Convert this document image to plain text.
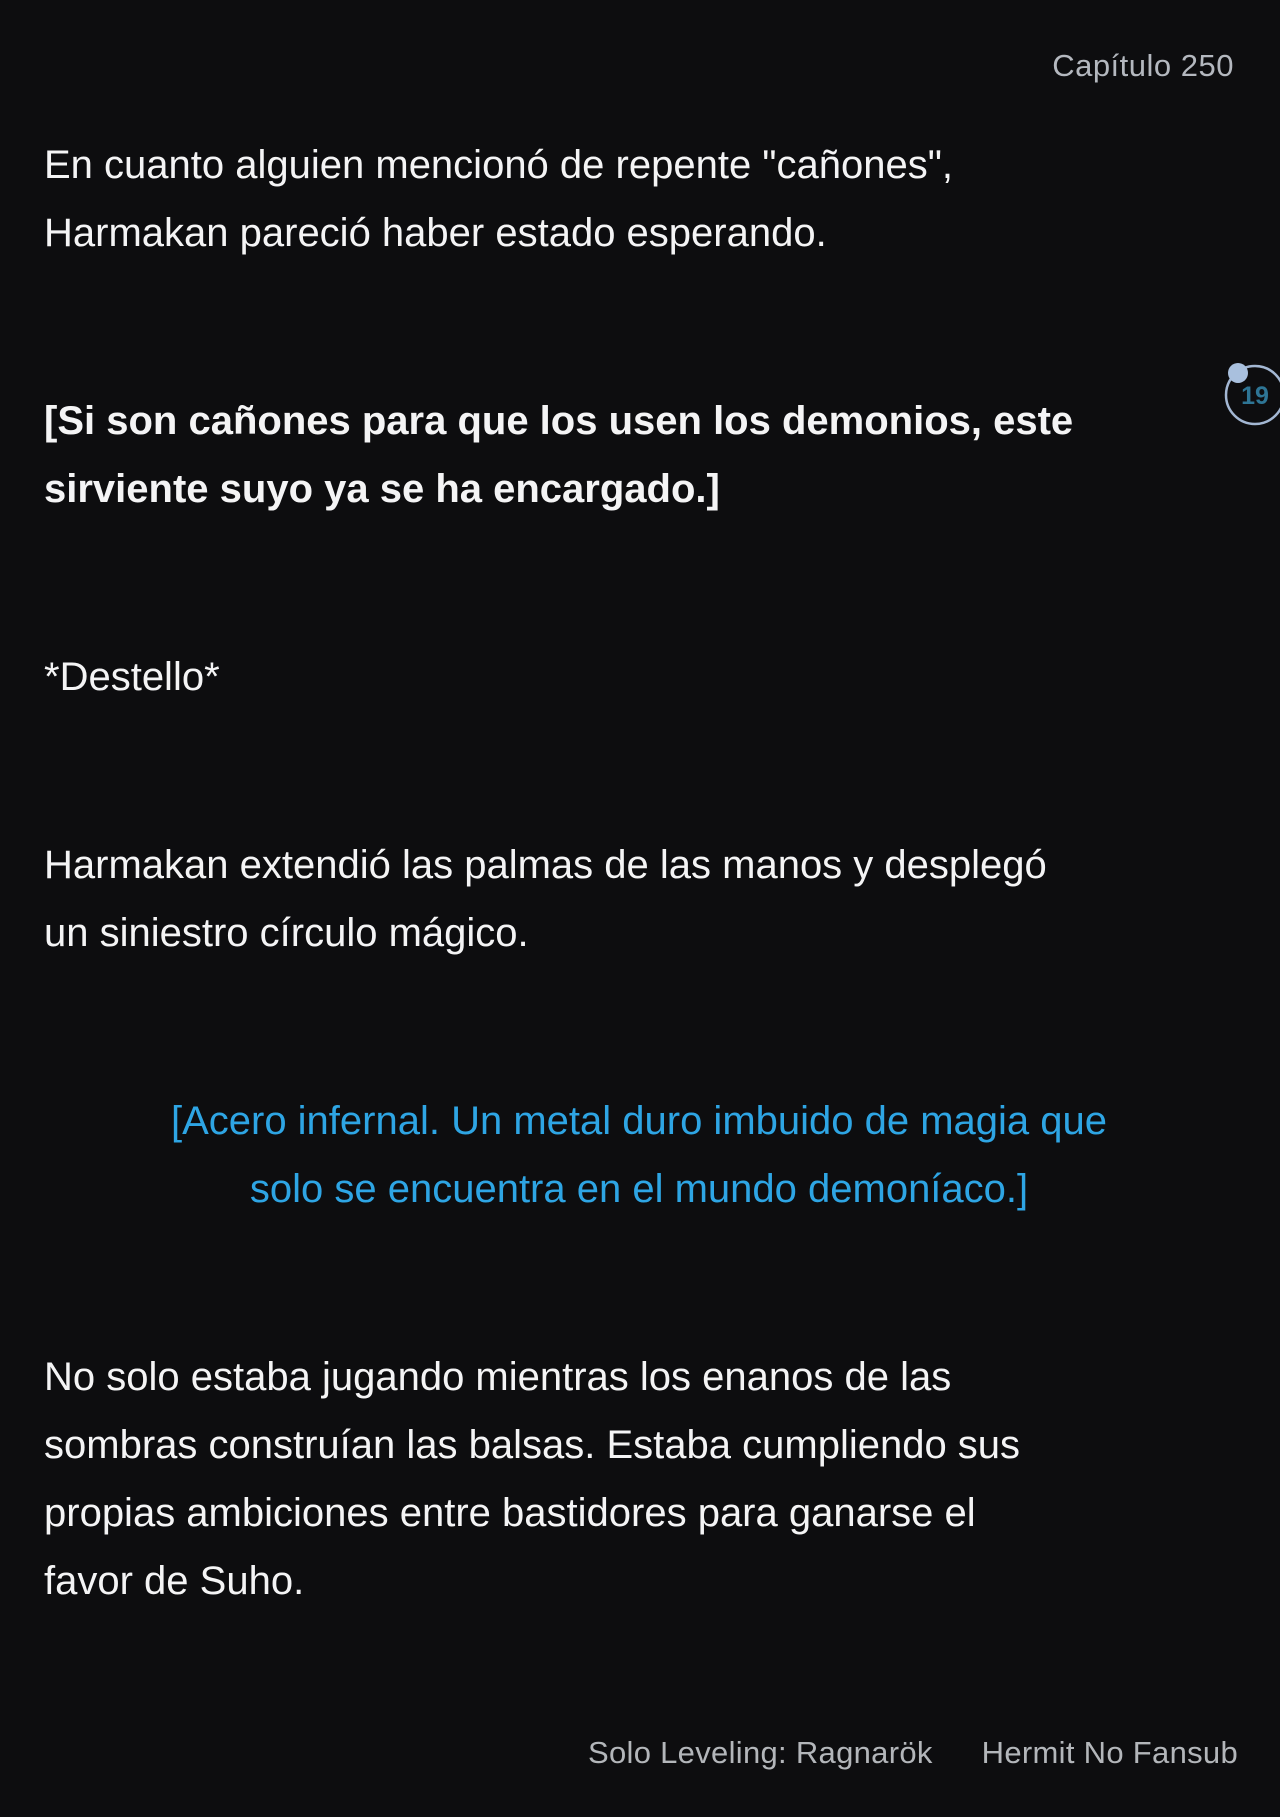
Capítulo 250
En cuanto alguien mencionó de repente "cañones",
Harmakan pareció haber estado esperando.
[Si son cañones para que los usen los demonios, este
sirviente suyo ya se ha encargado.]
*Destello*
Harmakan extendió las palmas de las manos y desplegó
un siniestro círculo mágico.
[Acero infernal. Un metal duro imbuido de magia que
solo se encuentra en el mundo demoníaco.]
No solo estaba jugando mientras los enanos de las
sombras construían las balsas. Estaba cumpliendo sus
propias ambiciones entre bastidores para ganarse el
favor de Suho.
19
Solo Leveling: Ragnarök Hermit No Fansub
